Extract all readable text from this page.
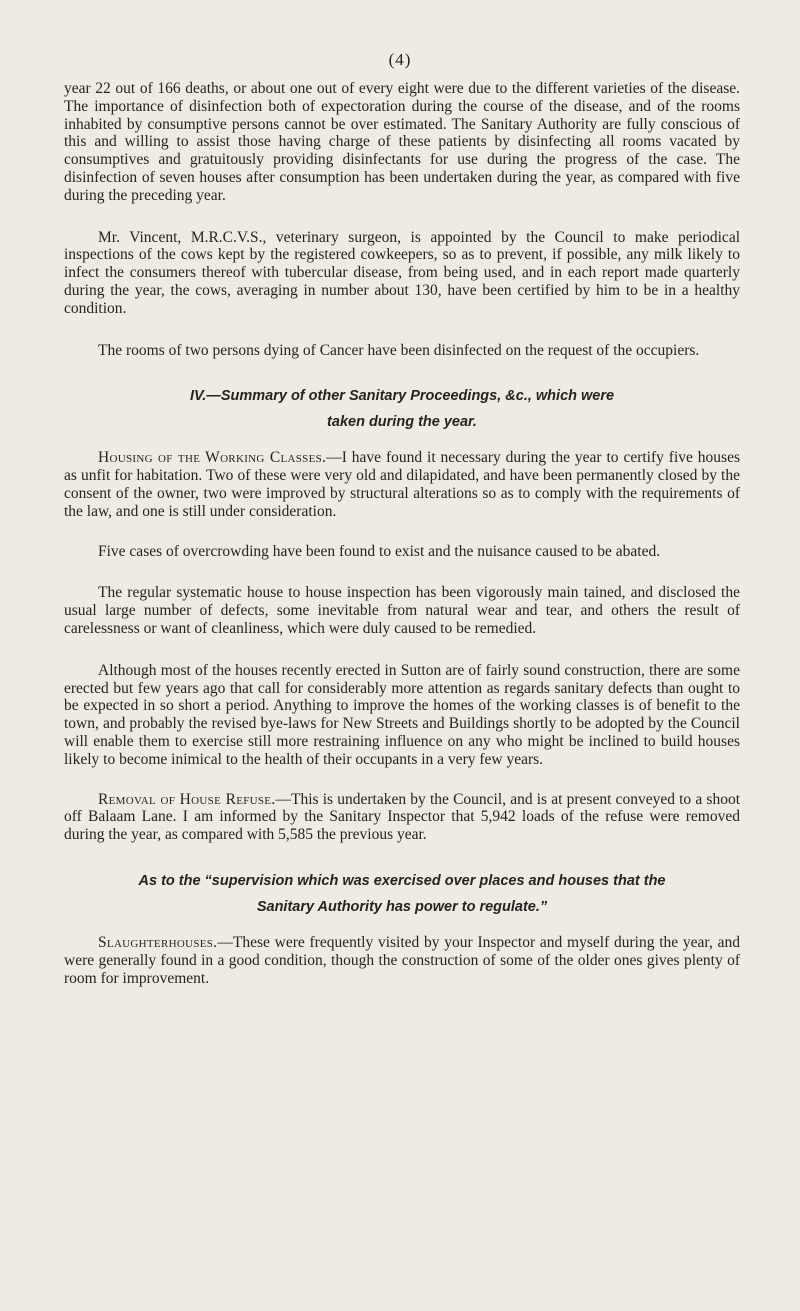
(4)

year 22 out of 166 deaths, or about one out of every eight were due to the different varieties of the disease. The importance of disinfection both of expectoration during the course of the disease, and of the rooms inhabited by consumptive persons cannot be over estimated. The Sanitary Authority are fully conscious of this and willing to assist those having charge of these patients by disinfecting all rooms vacated by consumptives and gratuitously providing disinfectants for use during the progress of the case. The disinfection of seven houses after consumption has been undertaken during the year, as compared with five during the preceding year.

Mr. Vincent, M.R.C.V.S., veterinary surgeon, is appointed by the Council to make periodical inspections of the cows kept by the registered cowkeepers, so as to prevent, if possible, any milk likely to infect the consumers thereof with tubercular disease, from being used, and in each report made quarterly during the year, the cows, averaging in number about 130, have been certified by him to be in a healthy condition.

The rooms of two persons dying of Cancer have been disinfected on the request of the occupiers.

IV.—Summary of other Sanitary Proceedings, &c., which were
taken during the year.

Housing of the Working Classes.—I have found it necessary during the year to certify five houses as unfit for habitation. Two of these were very old and dilapidated, and have been permanently closed by the consent of the owner, two were improved by structural alterations so as to comply with the requirements of the law, and one is still under consideration.

Five cases of overcrowding have been found to exist and the nuisance caused to be abated.

The regular systematic house to house inspection has been vigorously main tained, and disclosed the usual large number of defects, some inevitable from natural wear and tear, and others the result of carelessness or want of cleanliness, which were duly caused to be remedied.

Although most of the houses recently erected in Sutton are of fairly sound construction, there are some erected but few years ago that call for considerably more attention as regards sanitary defects than ought to be expected in so short a period. Anything to improve the homes of the working classes is of benefit to the town, and probably the revised bye-laws for New Streets and Buildings shortly to be adopted by the Council will enable them to exercise still more restraining influence on any who might be inclined to build houses likely to become inimical to the health of their occupants in a very few years.

Removal of House Refuse.—This is undertaken by the Council, and is at present conveyed to a shoot off Balaam Lane. I am informed by the Sanitary Inspector that 5,942 loads of the refuse were removed during the year, as compared with 5,585 the previous year.

As to the “supervision which was exercised over places and houses that the
Sanitary Authority has power to regulate.”

Slaughterhouses.—These were frequently visited by your Inspector and myself during the year, and were generally found in a good condition, though the construction of some of the older ones gives plenty of room for improvement.
